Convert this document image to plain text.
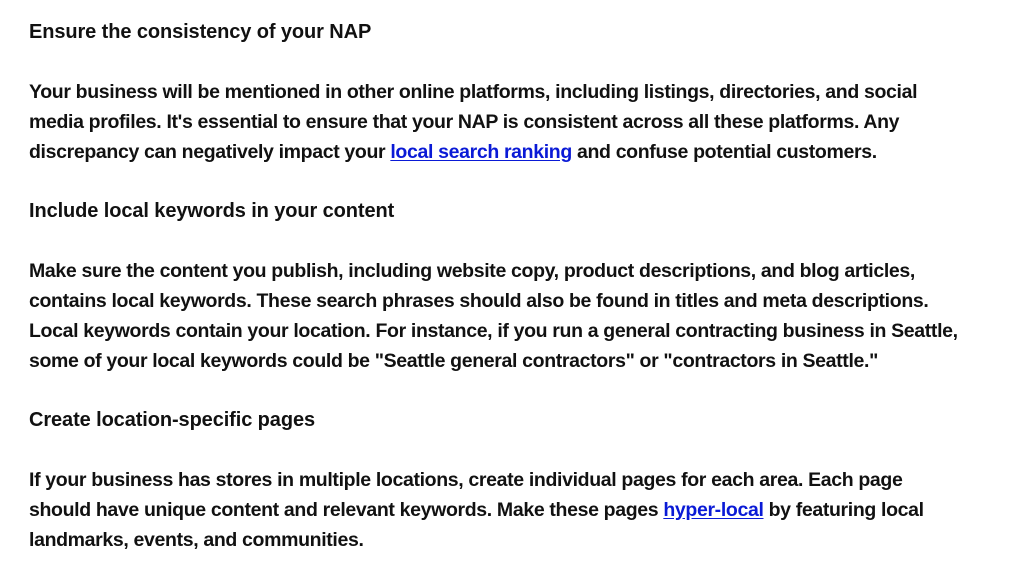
Ensure the consistency of your NAP

Your business will be mentioned in other online platforms, including listings, directories, and social
media profiles. It's essential to ensure that your NAP is consistent across all these platforms. Any
discrepancy can negatively impact your local search ranking and confuse potential customers.

Include local keywords in your content

Make sure the content you publish, including website copy, product descriptions, and blog articles,
contains local keywords. These search phrases should also be found in titles and meta descriptions.
Local keywords contain your location. For instance, if you run a general contracting business in Seattle,
some of your local keywords could be "Seattle general contractors" or "contractors in Seattle."

Create location-specific pages

If your business has stores in multiple locations, create individual pages for each area. Each page
should have unique content and relevant keywords. Make these pages hyper-local by featuring local
landmarks, events, and communities.
